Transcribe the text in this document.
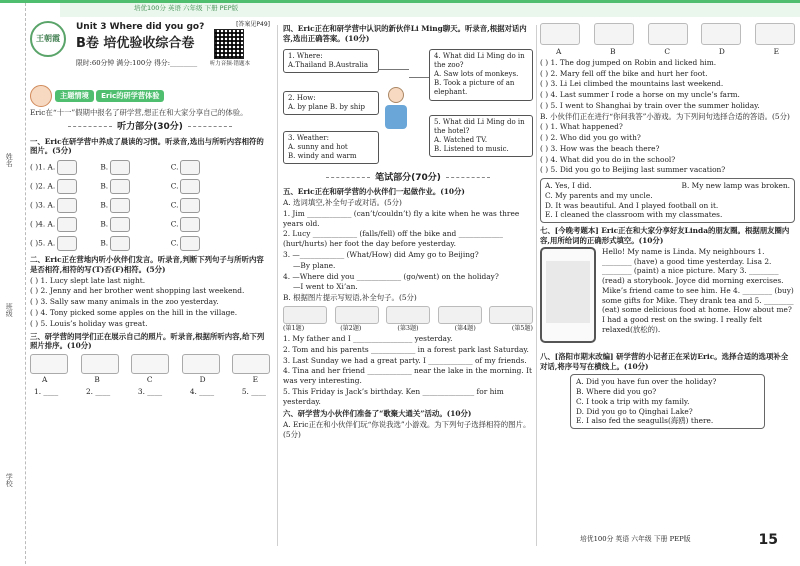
培优100分 英语 六年级 下册 PEP版
姓名
班级
学校
王朝霞
Unit 3 Where did you go?
B卷 培优验收综合卷
[答案见P49]
听力音频·错题本
限时:60分钟 满分:100分 得分:________
主题情境
	Eric的研学营体验

Eric在“十一”假期中报名了研学营,想正在和大家分享自己的体验。

听力部分(30分)

一、Eric在研学营中养成了晨读的习惯。听录音,选出与所听内容相符的图片。(5分)

( )1. A.	B.	C.
( )2. A.	B.	C.
( )3. A.	B.	C.
( )4. A.	B.	C.
( )5. A.	B.	C.

二、Eric正在营地内听小伙伴们发言。听录音,判断下列句子与所听内容是否相符,相符的写(T)否(F)相符。(5分)

( ) 1. Lucy slept late last night.

( ) 2. Jenny and her brother went shopping last weekend.

( ) 3. Sally saw many animals in the zoo yesterday.

( ) 4. Tony picked some apples on the hill in the village.

( ) 5. Louis’s holiday was great.

三、研学营的同学们正在展示自己的照片。听录音,根据所听内容,给下列照片排序。(10分)

A	B	C	D	E
1. ____	2. ____	3. ____	4. ____	5. ____

四、Eric正在和研学营中认识的新伙伴Li Ming聊天。听录音,根据对话内容,选出正确答案。(10分)

1. Where:
A.Thailand B.Australia
2. How:
A. by plane B. by ship
3. Weather:
A. sunny and hot
B. windy and warm
4. What did Li Ming do in the zoo?
A. Saw lots of monkeys.
B. Took a picture of an elephant.
5. What did Li Ming do in the hotel?
A. Watched TV.
B. Listened to music.
笔试部分(70分)

五、Eric正在和研学营的小伙伴们一起做作业。(10分)

A. 选词填空,补全句子或对话。(5分)

1. Jim ____________ (can’t/couldn’t) fly a kite when he was three years old.

2. Lucy ____________ (falls/fell) off the bike and ____________ (hurt/hurts) her foot the day before yesterday.

3. —____________ (What/How) did Amy go to Beijing?

—By plane.

4. —Where did you ____________ (go/went) on the holiday?

—I went to Xi’an.

B. 根据图片提示写短语,补全句子。(5分)

(第1题)	(第2题)	(第3题)	(第4题)	(第5题)

1. My father and I ________________ yesterday.

2. Tom and his parents ____________ in a forest park last Saturday.

3. Last Sunday we had a great party. I ____________ of my friends.

4. Tina and her friend ____________ near the lake in the morning. It was very interesting.

5. This Friday is Jack’s birthday. Ken ______________ for him yesterday.

六、研学营为小伙伴们准备了“歌聚大通关”活动。(10分)

A. Eric正在和小伙伴们玩“你说我选”小游戏。为下列句子选择相符的图片。(5分)

A	B	C	D	E

( ) 1. The dog jumped on Robin and licked him.

( ) 2. Mary fell off the bike and hurt her foot.

( ) 3. Li Lei climbed the mountains last weekend.

( ) 4. Last summer I rode a horse on my uncle’s farm.

( ) 5. I went to Shanghai by train over the summer holiday.

B. 小伙伴们正在进行“你问我答”小游戏。为下列问句选择合适的答语。(5分)

( ) 1. What happened?

( ) 2. Who did you go with?

( ) 3. How was the beach there?

( ) 4. What did you do in the school?

( ) 5. Did you go to Beijing last summer vacation?

A. Yes, I did.	B. My new lamp was broken.
C. My parents and my uncle.
D. It was beautiful. And I played football on it.
E. I cleaned the classroom with my classmates.

七、[今晚考题本] Eric正在和大家分享好友Linda的朋友圈。根据朋友圈内容,用所给词的正确形式填空。(10分)

Hello! My name is Linda. My neighbours 1. ________ (have) a good time yesterday. Lisa 2. ________ (paint) a nice picture. Mary 3. ________ (read) a storybook. Joyce did morning exercises. Mike’s friend came to see him. He 4. ________ (buy) some gifts for Mike. They drank tea and 5. ________ (eat) some delicious food at home. How about me? I had a good rest on the swing. I really felt relaxed(放松的).

八、[洛阳市期末改编] 研学营的小记者正在采访Eric。选择合适的选项补全对话,将序号写在横线上。(10分)

A. Did you have fun over the holiday?
B. Where did you go?
C. I took a trip with my family.
D. Did you go to Qinghai Lake?
E. I also fed the seagulls(海鸥) there.
培优100分 英语 六年级 下册 PEP版	15
